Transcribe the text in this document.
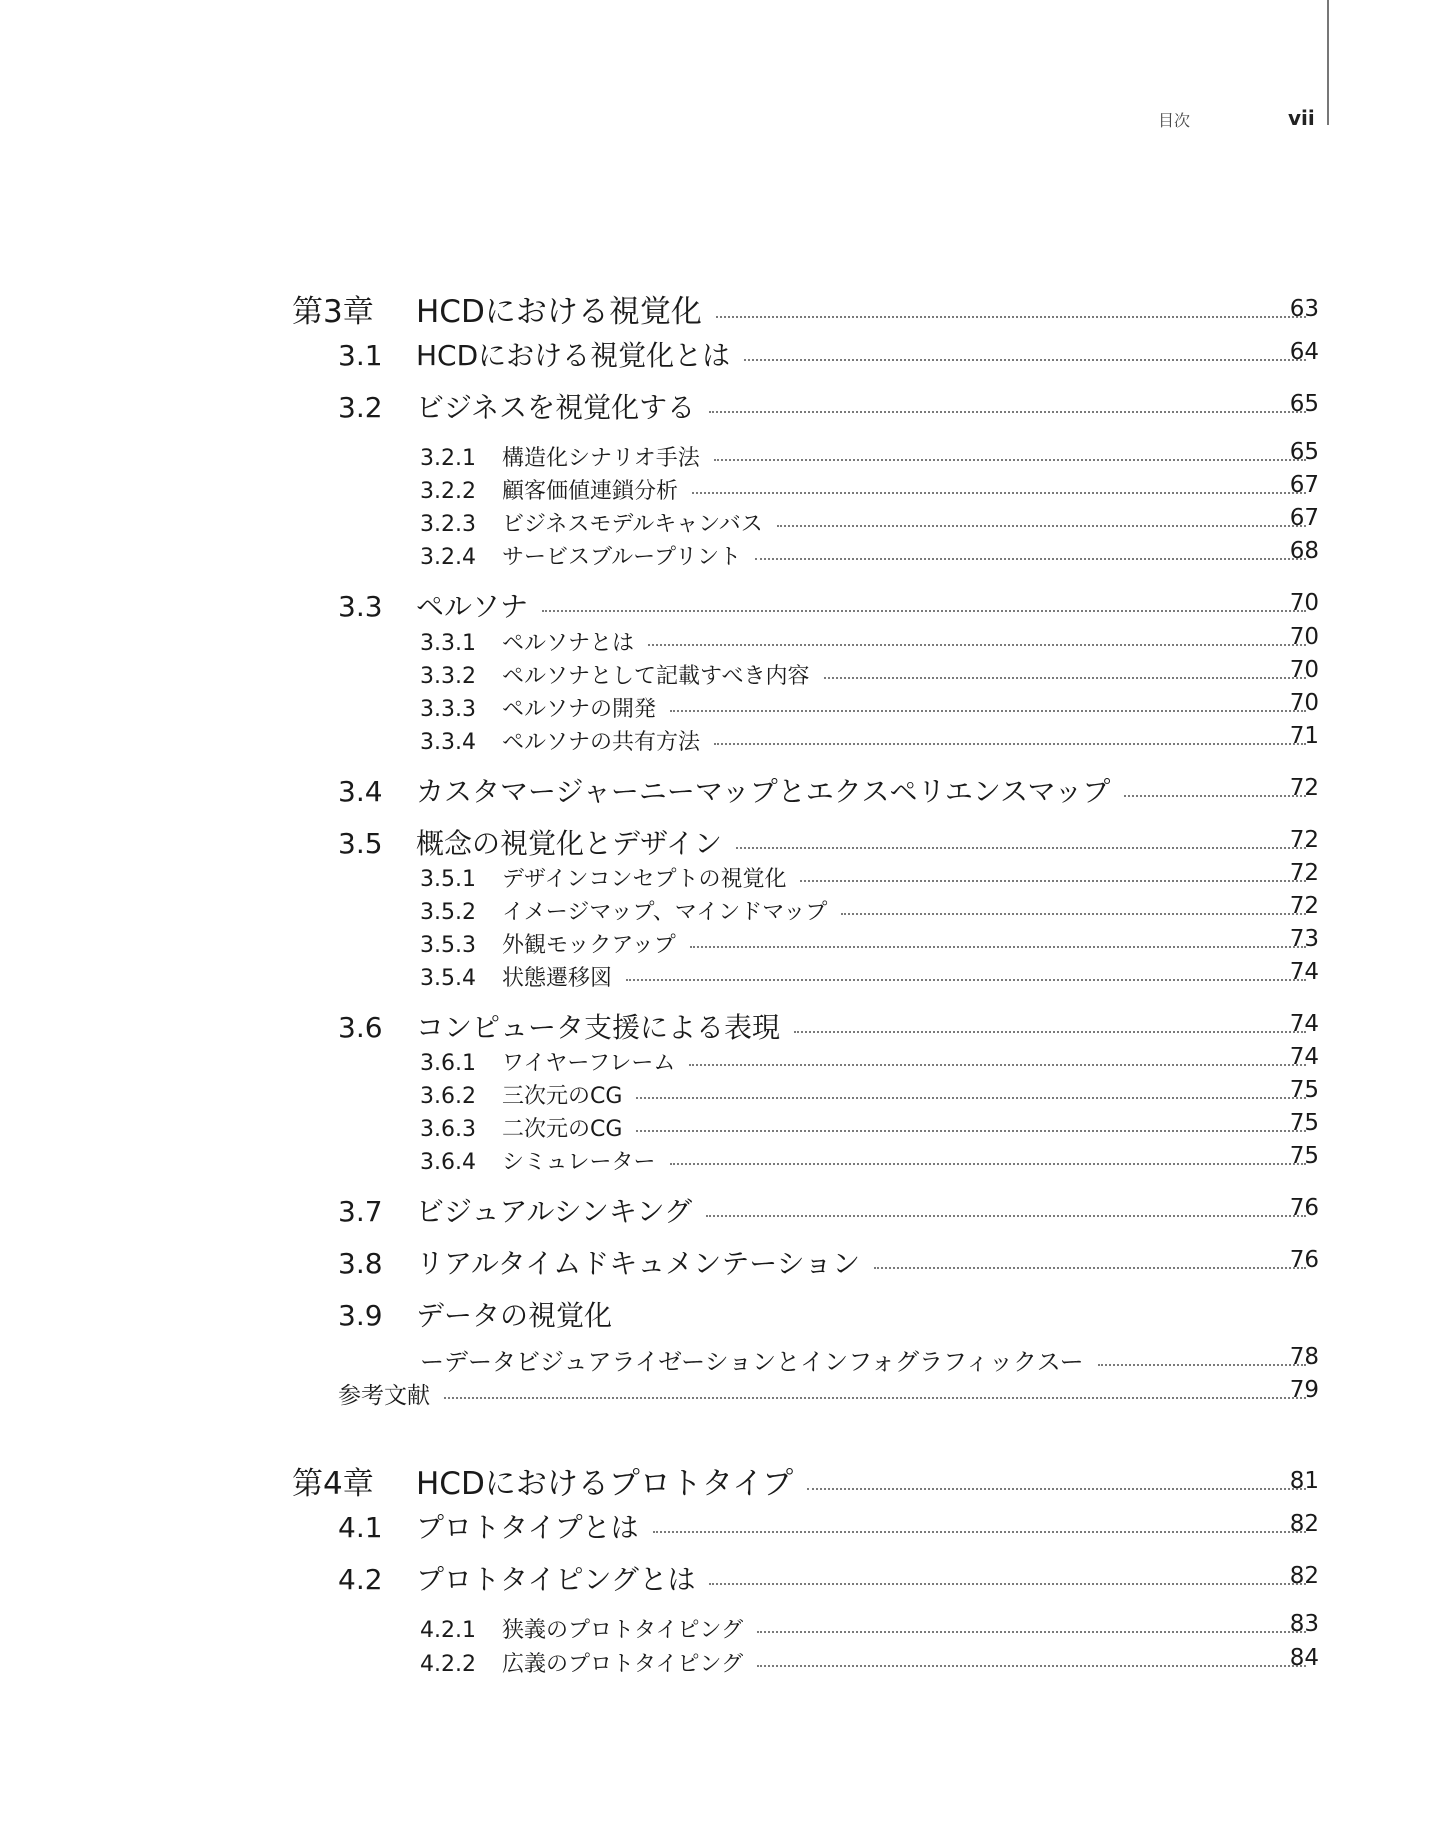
目次	vii
第3章	HCDにおける視覚化	63
3.1	HCDにおける視覚化とは	64
3.2	ビジネスを視覚化する	65
3.2.1	構造化シナリオ手法	65
3.2.2	顧客価値連鎖分析	67
3.2.3	ビジネスモデルキャンバス	67
3.2.4	サービスブループリント	68
3.3	ペルソナ	70
3.3.1	ペルソナとは	70
3.3.2	ペルソナとして記載すべき内容	70
3.3.3	ペルソナの開発	70
3.3.4	ペルソナの共有方法	71
3.4	カスタマージャーニーマップとエクスペリエンスマップ	72
3.5	概念の視覚化とデザイン	72
3.5.1	デザインコンセプトの視覚化	72
3.5.2	イメージマップ、マインドマップ	72
3.5.3	外観モックアップ	73
3.5.4	状態遷移図	74
3.6	コンピュータ支援による表現	74
3.6.1	ワイヤーフレーム	74
3.6.2	三次元のCG	75
3.6.3	二次元のCG	75
3.6.4	シミュレーター	75
3.7	ビジュアルシンキング	76
3.8	リアルタイムドキュメンテーション	76
3.9	データの視覚化
ーデータビジュアライゼーションとインフォグラフィックスー	78
参考文献	79
第4章	HCDにおけるプロトタイプ	81
4.1	プロトタイプとは	82
4.2	プロトタイピングとは	82
4.2.1	狭義のプロトタイピング	83
4.2.2	広義のプロトタイピング	84
